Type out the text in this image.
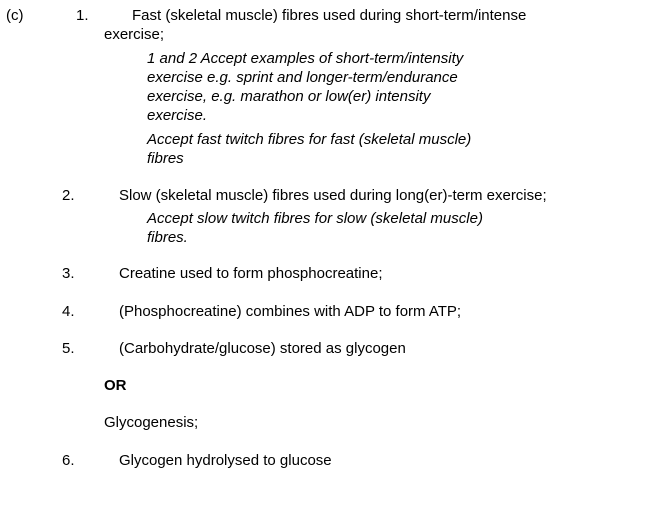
(c)	1.	Fast (skeletal muscle) fibres used during short-term/intense
exercise;
1 and 2 Accept examples of short-term/intensity
exercise e.g. sprint and longer-term/endurance
exercise, e.g. marathon or low(er) intensity
exercise.
Accept fast twitch fibres for fast (skeletal muscle)
fibres
2.	Slow (skeletal muscle) fibres used during long(er)-term exercise;
Accept slow twitch fibres for slow (skeletal muscle)
fibres.
3.	Creatine used to form phosphocreatine;
4.	(Phosphocreatine) combines with ADP to form ATP;
5.	(Carbohydrate/glucose) stored as glycogen
OR
Glycogenesis;
6.	Glycogen hydrolysed to glucose
